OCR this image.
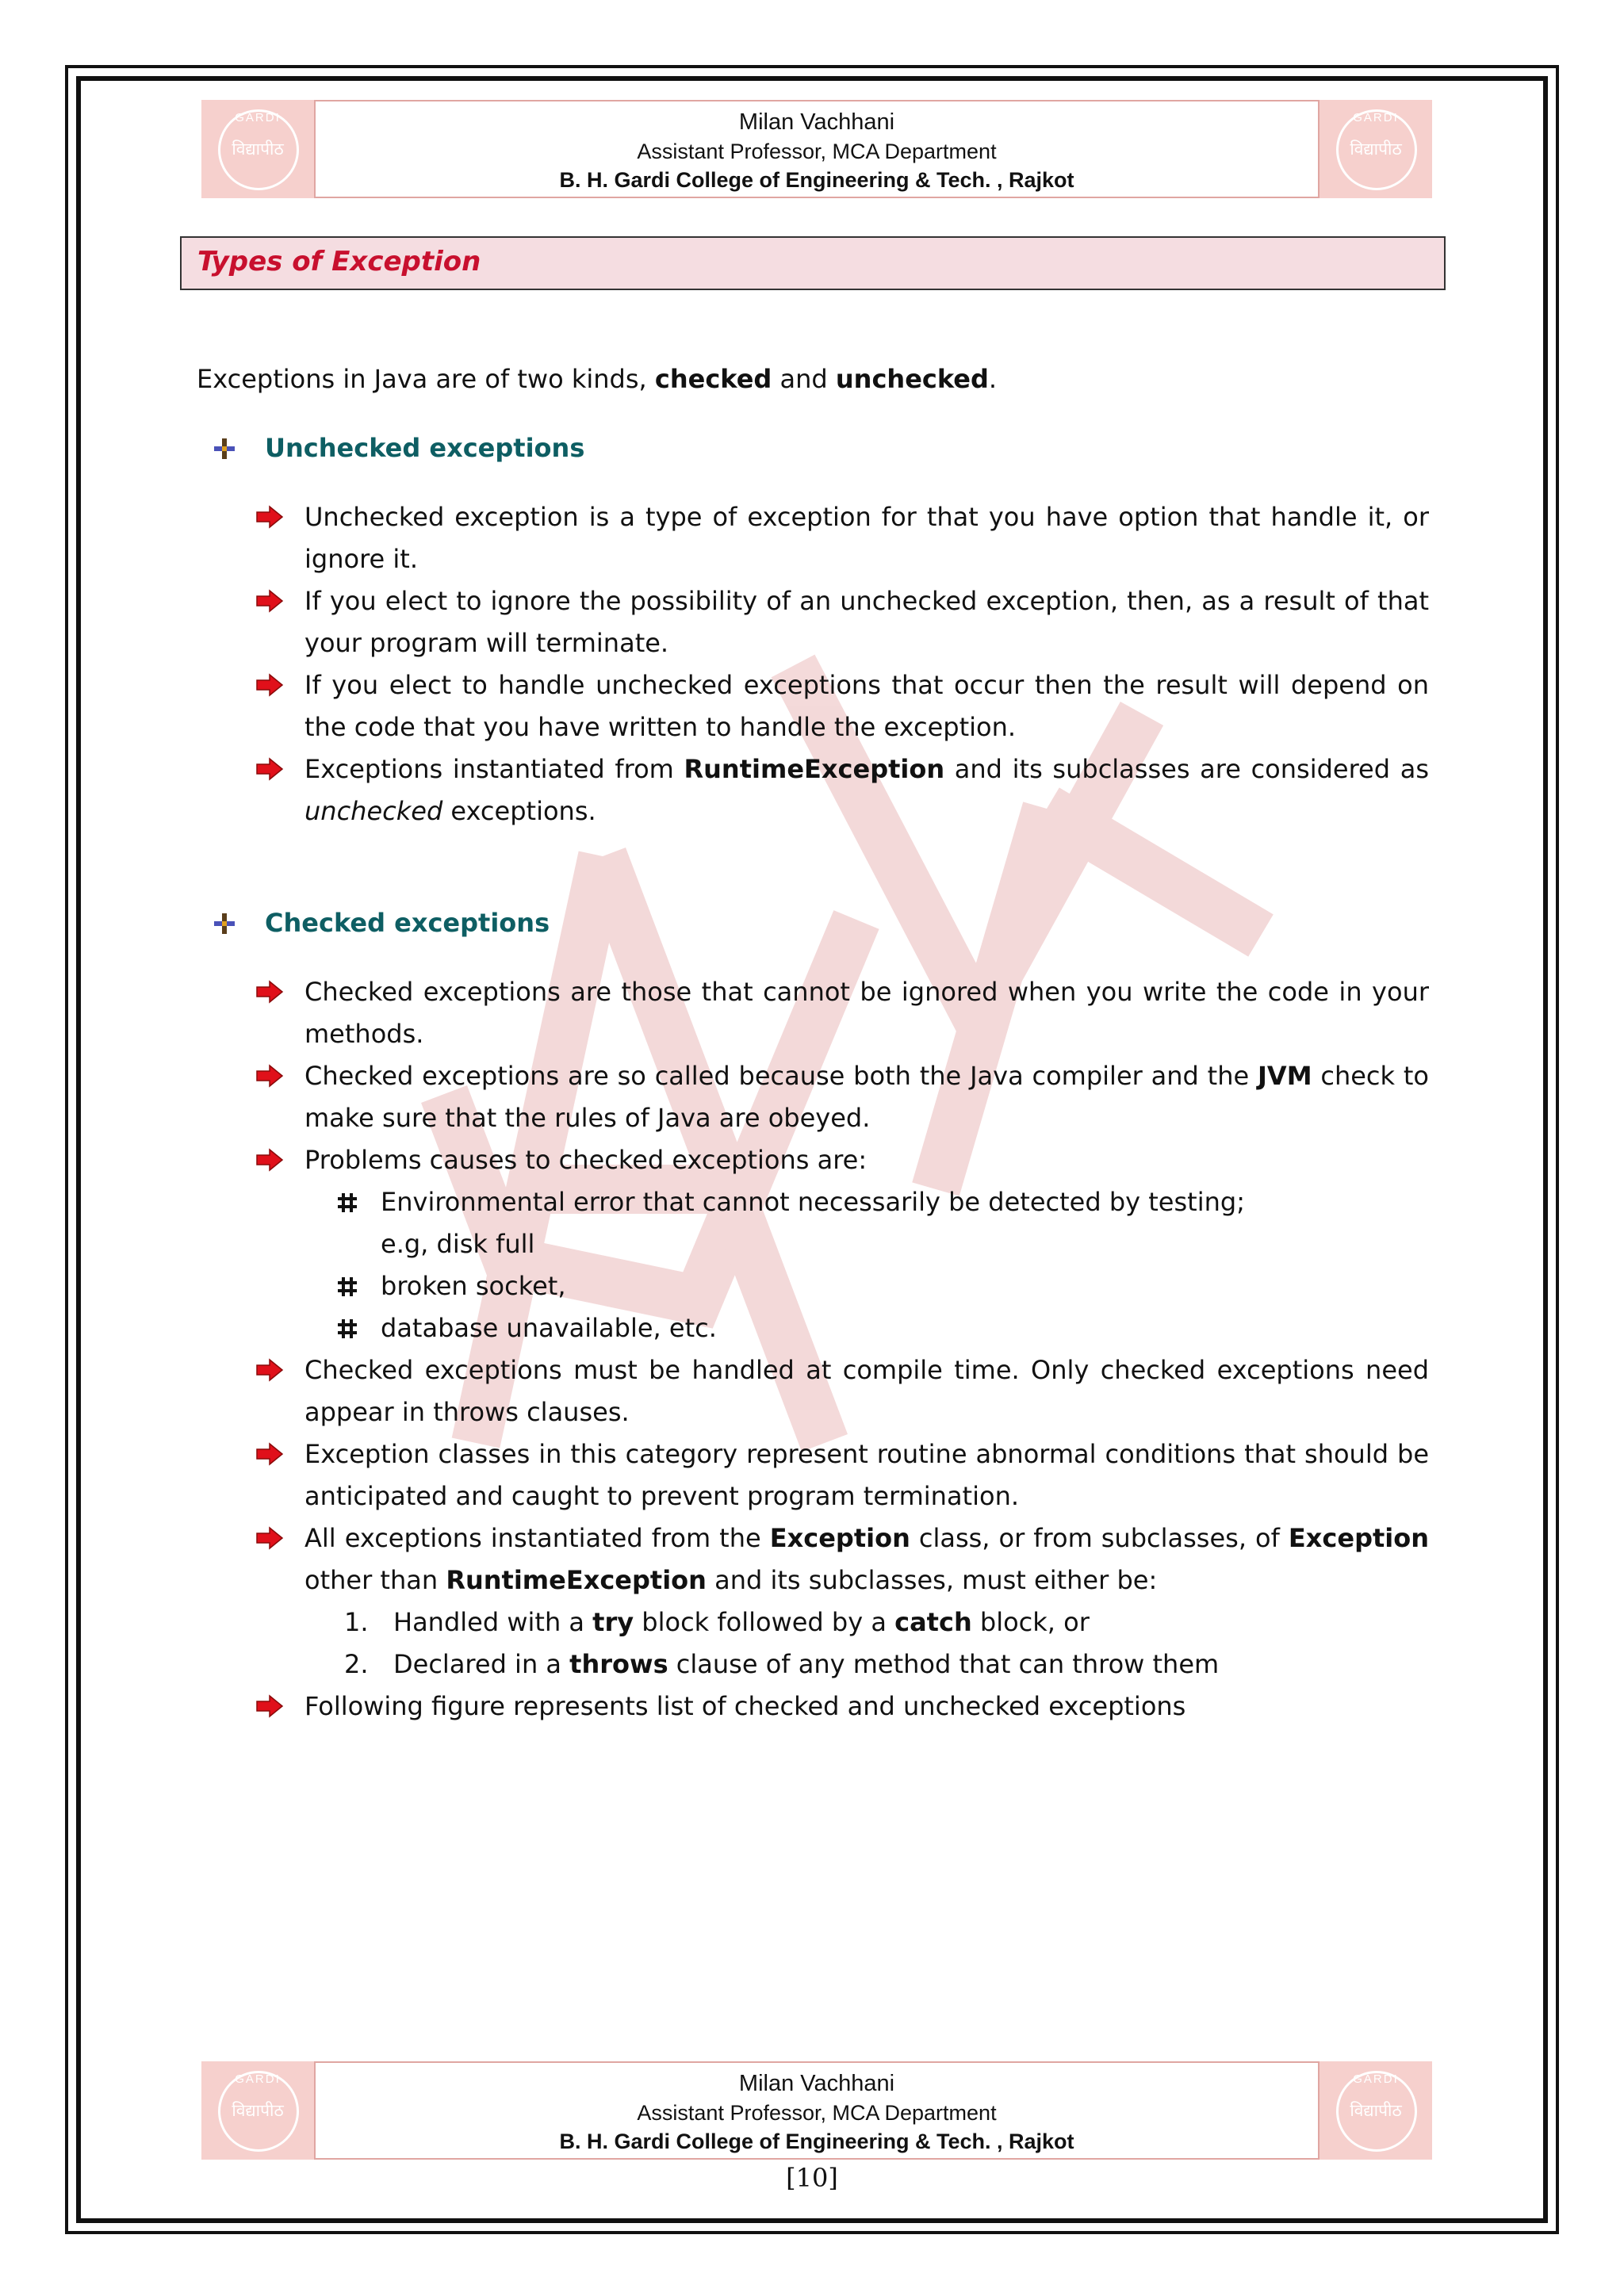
GARDI
विद्यापीठ
Milan Vachhani
Assistant Professor, MCA Department
B. H. Gardi College of Engineering & Tech. , Rajkot
GARDI
विद्यापीठ
Types of Exception

Exceptions in Java are of two kinds, checked and unchecked.

Unchecked exceptions
Unchecked exception is a type of exception for that you have option that handle it, or ignore it.
If you elect to ignore the possibility of an unchecked exception, then, as a result of that your program will terminate.
If you elect to handle unchecked exceptions that occur then the result will depend on the code that you have written to handle the exception.
Exceptions instantiated from RuntimeException and its subclasses are considered as unchecked exceptions.
Checked exceptions
Checked exceptions are those that cannot be ignored when you write the code in your methods.
Checked exceptions are so called because both the Java compiler and the JVM check to make sure that the rules of Java are obeyed.
Problems causes to checked exceptions are:
Environmental error that cannot necessarily be detected by testing;
e.g, disk full
broken socket,
database unavailable, etc.
Checked exceptions must be handled at compile time. Only checked exceptions need appear in throws clauses.
Exception classes in this category represent routine abnormal conditions that should be anticipated and caught to prevent program termination.
All exceptions instantiated from the Exception class, or from subclasses, of Exception other than RuntimeException and its subclasses, must either be:
1. Handled with a try block followed by a catch block, or
2. Declared in a throws clause of any method that can throw them
Following figure represents list of checked and unchecked exceptions
GARDI
विद्यापीठ
Milan Vachhani
Assistant Professor, MCA Department
B. H. Gardi College of Engineering & Tech. , Rajkot
GARDI
विद्यापीठ
[10]
